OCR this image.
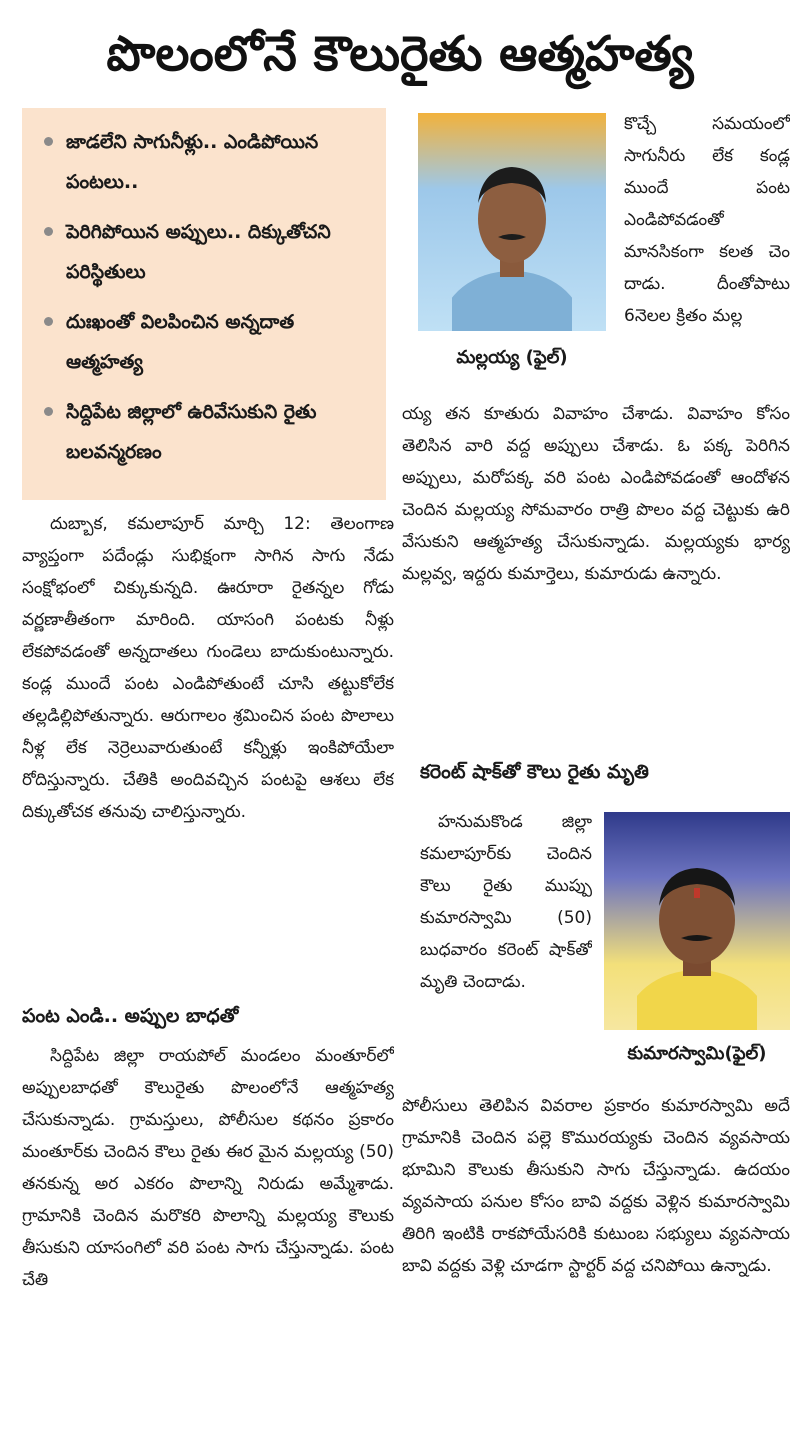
పొలంలోనే కౌలురైతు ఆత్మహత్య
జాడలేని సాగునీళ్లు.. ఎండిపోయిన పంటలు..
పెరిగిపోయిన అప్పులు.. దిక్కుతోచని పరిస్థితులు
దుఃఖంతో విలపించిన అన్నదాత ఆత్మహత్య
సిద్దిపేట జిల్లాలో ఉరివేసుకుని రైతు బలవన్మరణం
మల్లయ్య (ఫైల్)
కుమారస్వామి(ఫైల్)

దుబ్బాక, కమలాపూర్ మార్చి 12: తెలంగాణ వ్యాప్తంగా పదేండ్లు సుభిక్షంగా సాగిన సాగు నేడు సంక్షోభంలో చిక్కుకున్నది. ఊరూరా రైతన్నల గోడు వర్ణణాతీతంగా మారింది. యాసంగి పంటకు నీళ్లు లేకపోవడంతో అన్నదాతలు గుండెలు బాదుకుంటున్నారు. కండ్ల ముందే పంట ఎండిపోతుంటే చూసి తట్టుకోలేక తల్లడిల్లిపోతున్నారు. ఆరుగాలం శ్రమించిన పంట పొలాలు నీళ్ల లేక నెర్రెలువారుతుంటే కన్నీళ్లు ఇంకిపోయేలా రోదిస్తున్నారు. చేతికి అందివచ్చిన పంటపై ఆశలు లేక దిక్కుతోచక తనువు చాలిస్తున్నారు.

పంట ఎండి.. అప్పుల బాధతో

సిద్దిపేట జిల్లా రాయపోల్ మండలం మంతూర్‌లో అప్పులబాధతో కౌలురైతు పొలంలోనే ఆత్మహత్య చేసుకున్నాడు. గ్రామస్తులు, పోలీసుల కథనం ప్రకారం మంతూర్‌కు చెందిన కౌలు రైతు ఈర మైన మల్లయ్య (50) తనకున్న అర ఎకరం పొలాన్ని నిరుడు అమ్మేశాడు. గ్రామానికి చెందిన మరొకరి పొలాన్ని మల్లయ్య కౌలుకు తీసుకుని యాసంగిలో వరి పంట సాగు చేస్తున్నాడు. పంట చేతి

కొచ్చే సమయంలో సాగునీరు లేక కండ్ల ముందే పంట ఎండిపోవడంతో మానసికంగా కలత చెం దాడు. దీంతోపాటు 6నెలల క్రితం మల్ల

య్య తన కూతురు వివాహం చేశాడు. వివాహం కోసం తెలిసిన వారి వద్ద అప్పులు చేశాడు. ఓ పక్క పెరిగిన అప్పులు, మరోపక్క వరి పంట ఎండిపోవడంతో ఆందోళన చెందిన మల్లయ్య సోమవారం రాత్రి పొలం వద్ద చెట్టుకు ఉరి వేసుకుని ఆత్మహత్య చేసుకున్నాడు. మల్లయ్యకు భార్య మల్లవ్వ, ఇద్దరు కుమార్తెలు, కుమారుడు ఉన్నారు.

కరెంట్ షాక్‌తో కౌలు రైతు మృతి

హనుమకొండ జిల్లా కమలాపూర్‌కు చెందిన కౌలు రైతు ముప్పు కుమారస్వామి (50) బుధవారం కరెంట్ షాక్‌తో మృతి చెందాడు.

పోలీసులు తెలిపిన వివరాల ప్రకారం కుమారస్వామి అదే గ్రామానికి చెందిన పల్లె కొమురయ్యకు చెందిన వ్యవసాయ భూమిని కౌలుకు తీసుకుని సాగు చేస్తున్నాడు. ఉదయం వ్యవసాయ పనుల కోసం బావి వద్దకు వెళ్లిన కుమారస్వామి తిరిగి ఇంటికి రాకపోయేసరికి కుటుంబ సభ్యులు వ్యవసాయ బావి వద్దకు వెళ్లి చూడగా స్టార్టర్ వద్ద చనిపోయి ఉన్నాడు.
